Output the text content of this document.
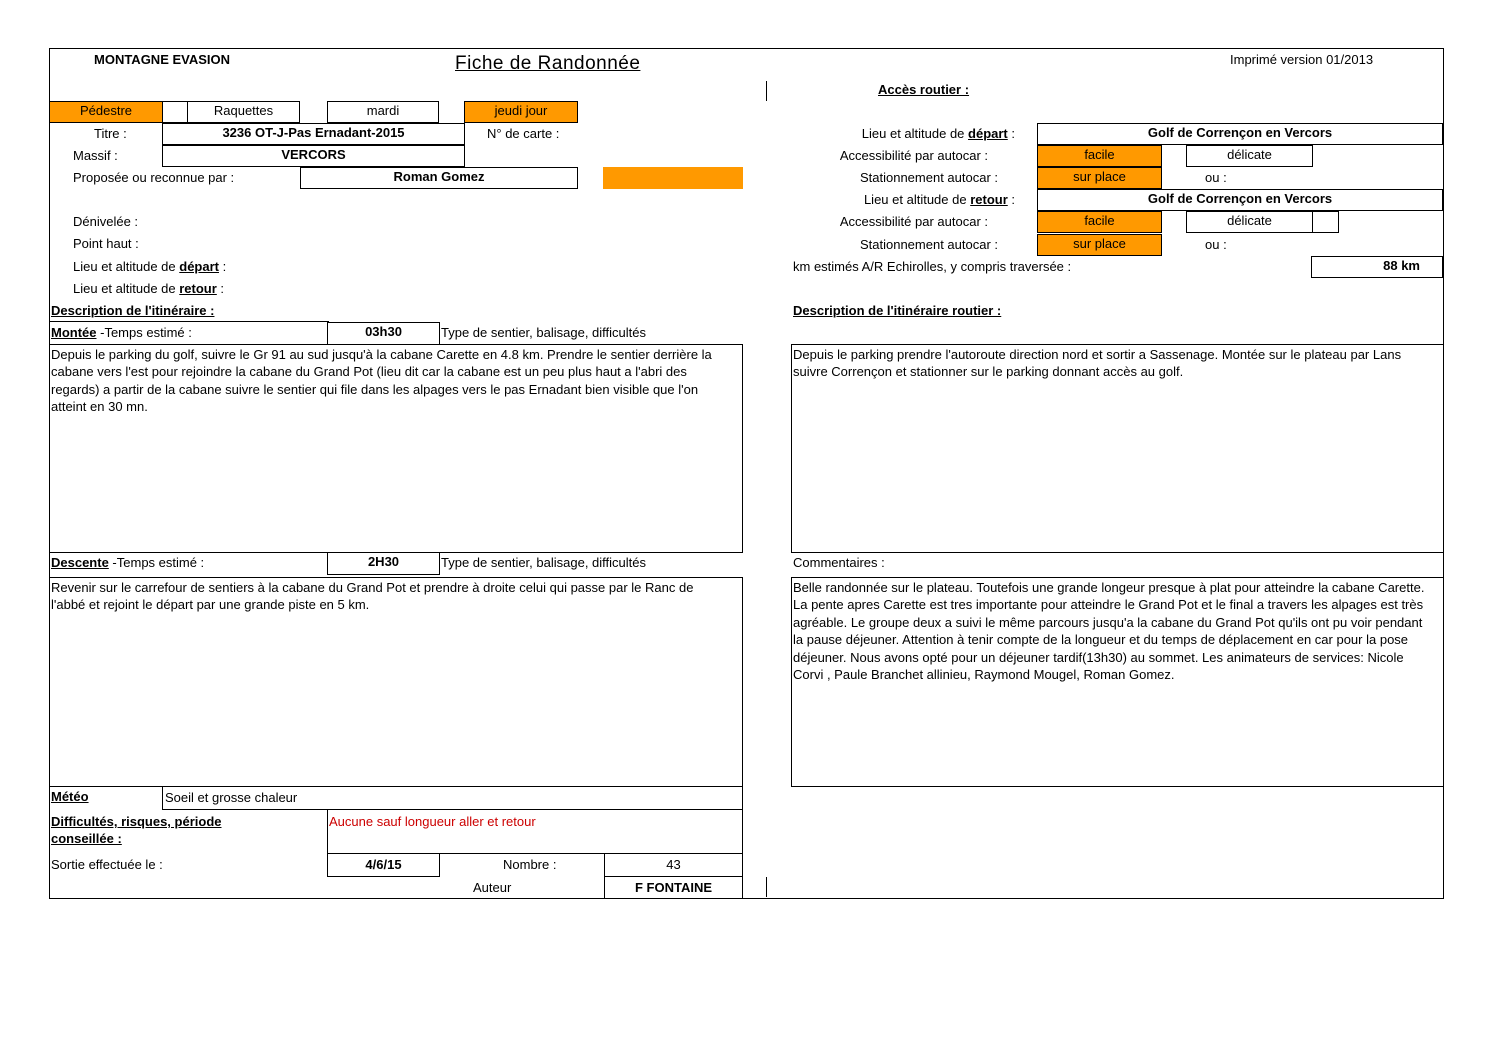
MONTAGNE EVASION	Fiche de Randonnée	Imprimé version 01/2013
Pédestre	Raquettes	mardi	jeudi jour
Accès routier :
Titre :	3236 OT-J-Pas Ernadant-2015	N° de carte :
Massif :	VERCORS
Proposée ou reconnue par :	Roman Gomez
Dénivelée :
Point haut :
Lieu et altitude de départ :
Lieu et altitude de retour :
Lieu et altitude de départ :	Golf de Corrençon en Vercors
Accessibilité par autocar :	facile	délicate
Stationnement autocar :	sur place	ou :
Lieu et altitude de retour :	Golf de Corrençon en Vercors
Accessibilité par autocar :	facile	délicate
Stationnement autocar :	sur place	ou :
km estimés A/R Echirolles, y compris traversée :	88 km
Description de l'itinéraire :	Description de l'itinéraire routier :
Montée -Temps estimé :	03h30	Type de sentier, balisage, difficultés
Depuis le parking du golf, suivre le Gr 91 au sud jusqu'à la cabane Carette en 4.8 km. Prendre le sentier derrière la cabane vers l'est pour rejoindre la cabane du Grand Pot (lieu dit car la cabane est un peu plus haut a l'abri des regards) a partir de la cabane suivre le sentier qui file dans les alpages vers le pas Ernadant bien visible que l'on atteint en 30 mn.
Depuis le parking prendre l'autoroute direction nord et sortir a Sassenage. Montée sur le plateau par Lans suivre Corrençon et stationner sur le parking donnant accès au golf.
Descente -Temps estimé :	2H30	Type de sentier, balisage, difficultés	Commentaires :
Revenir sur le carrefour de sentiers à la cabane du Grand Pot et prendre à droite celui qui passe par le Ranc de l'abbé et rejoint le départ par une grande piste en 5 km.
Belle randonnée sur le plateau. Toutefois une grande longeur presque à plat pour atteindre la cabane Carette. La pente apres Carette est tres importante pour atteindre le Grand Pot et le final a travers les alpages est très agréable. Le groupe deux a suivi le même parcours jusqu'a la cabane du Grand Pot qu'ils ont pu voir pendant la pause déjeuner. Attention à tenir compte de la longueur et du temps de déplacement en car pour la pose déjeuner. Nous avons opté pour un déjeuner tardif(13h30) au sommet. Les animateurs de services: Nicole Corvi , Paule Branchet allinieu, Raymond Mougel, Roman Gomez.
Météo	Soeil et grosse chaleur
Difficultés, risques, période conseillée :
Aucune sauf longueur aller et retour
Sortie effectuée le :	4/6/15	Nombre :	43
Auteur	F FONTAINE
